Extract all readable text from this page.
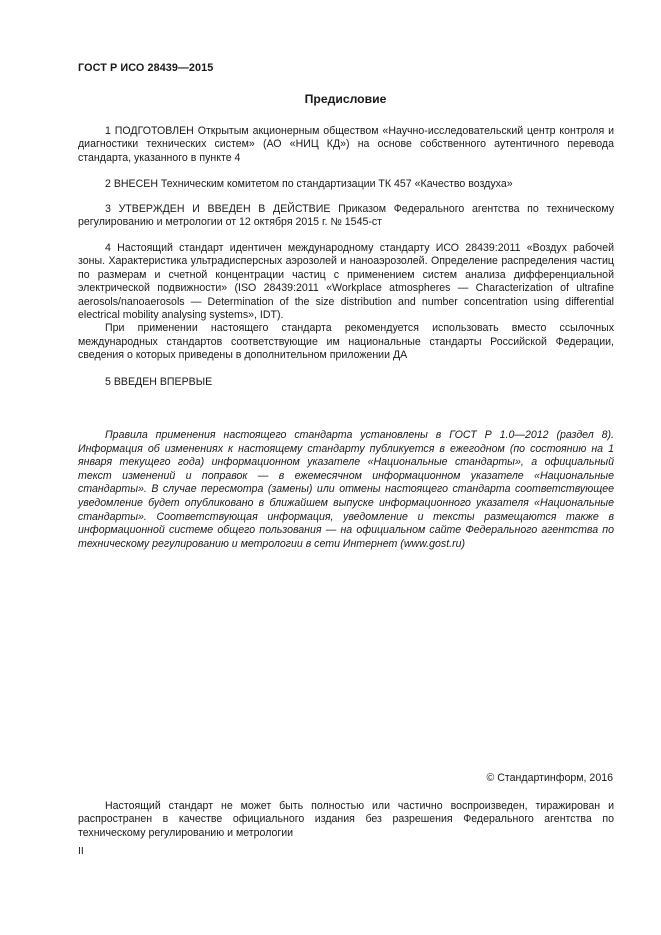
ГОСТ Р ИСО 28439—2015
Предисловие

1 ПОДГОТОВЛЕН Открытым акционерным обществом «Научно-исследовательский центр контроля и диагностики технических систем» (АО «НИЦ КД») на основе собственного аутентичного перевода стандарта, указанного в пункте 4

2 ВНЕСЕН Техническим комитетом по стандартизации ТК 457 «Качество воздуха»

3 УТВЕРЖДЕН И ВВЕДЕН В ДЕЙСТВИЕ Приказом Федерального агентства по техническому регулированию и метрологии от 12 октября 2015 г. № 1545-ст

4 Настоящий стандарт идентичен международному стандарту ИСО 28439:2011 «Воздух рабочей зоны. Характеристика ультрадисперсных аэрозолей и наноаэрозолей. Определение распределения частиц по размерам и счетной концентрации частиц с применением систем анализа дифференциальной электрической подвижности» (ISO 28439:2011 «Workplace atmospheres — Characterization of ultrafine aerosols/nanoaerosols — Determination of the size distribution and number concentration using differential electrical mobility analysing systems», IDT).

При применении настоящего стандарта рекомендуется использовать вместо ссылочных международных стандартов соответствующие им национальные стандарты Российской Федерации, сведения о которых приведены в дополнительном приложении ДА

5 ВВЕДЕН ВПЕРВЫЕ

Правила применения настоящего стандарта установлены в ГОСТ Р 1.0—2012 (раздел 8). Информация об изменениях к настоящему стандарту публикуется в ежегодном (по состоянию на 1 января текущего года) информационном указателе «Национальные стандарты», а официальный текст изменений и поправок — в ежемесячном информационном указателе «Национальные стандарты». В случае пересмотра (замены) или отмены настоящего стандарта соответствующее уведомление будет опубликовано в ближайшем выпуске информационного указателя «Национальные стандарты». Соответствующая информация, уведомление и тексты размещаются также в информационной системе общего пользования — на официальном сайте Федерального агентства по техническому регулированию и метрологии в сети Интернет (www.gost.ru)

© Стандартинформ, 2016

Настоящий стандарт не может быть полностью или частично воспроизведен, тиражирован и распространен в качестве официального издания без разрешения Федерального агентства по техническому регулированию и метрологии

II
